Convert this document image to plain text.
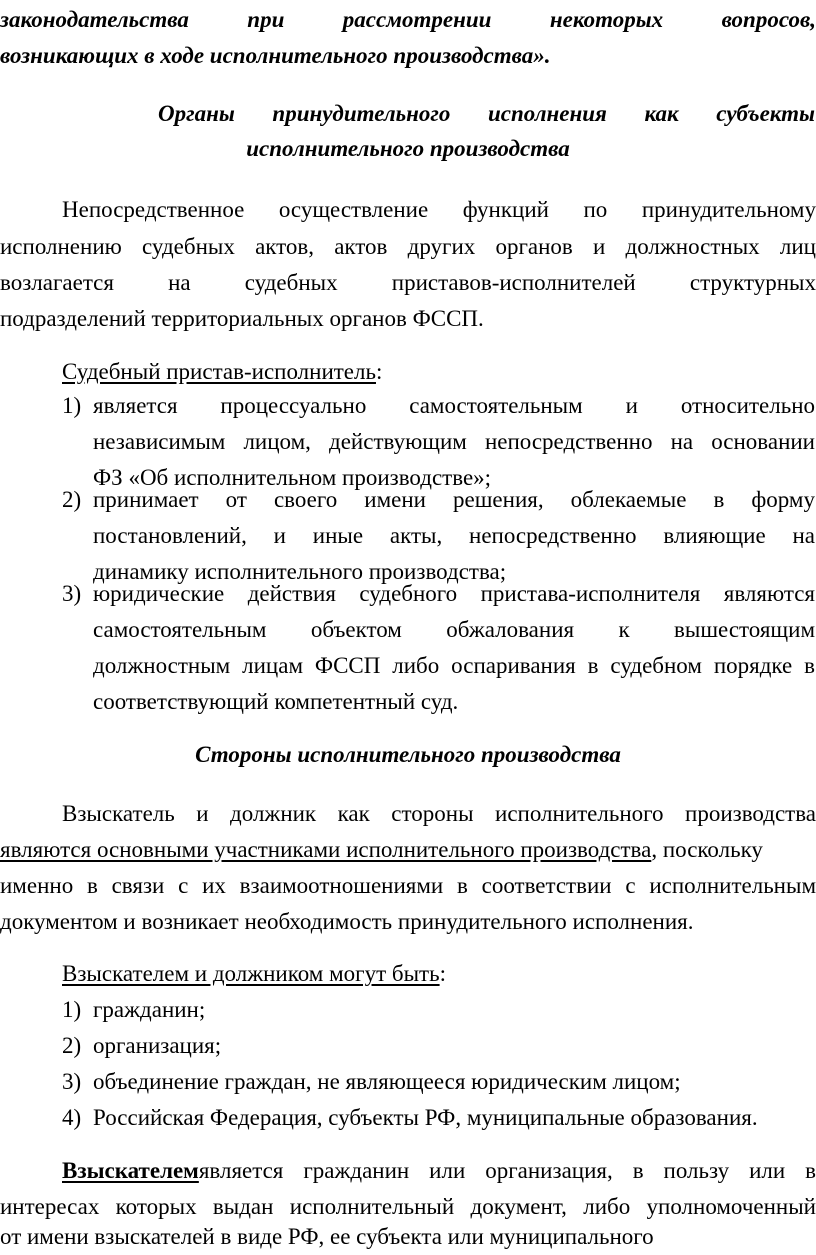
законодательства при рассмотрении некоторых вопросов,
возникающих в ходе исполнительного производства».
Органы принудительного исполнения как субъекты
исполнительного производства
Непосредственное осуществление функций по принудительному
исполнению судебных актов, актов других органов и должностных лиц
возлагается на судебных приставов-исполнителей структурных
подразделений территориальных органов ФССП.
Судебный пристав-исполнитель:
1) является процессуально самостоятельным и относительно
независимым лицом, действующим непосредственно на основании
ФЗ «Об исполнительном производстве»;
2) принимает от своего имени решения, облекаемые в форму
постановлений, и иные акты, непосредственно влияющие на
динамику исполнительного производства;
3) юридические действия судебного пристава-исполнителя являются
самостоятельным объектом обжалования к вышестоящим
должностным лицам ФССП либо оспаривания в судебном порядке в
соответствующий компетентный суд.
Стороны исполнительного производства
Взыскатель и должник как стороны исполнительного производства
являются основными участниками исполнительного производства, поскольку
именно в связи с их взаимоотношениями в соответствии с исполнительным
документом и возникает необходимость принудительного исполнения.
Взыскателем и должником могут быть:
1) гражданин;
2) организация;
3) объединение граждан, не являющееся юридическим лицом;
4) Российская Федерация, субъекты РФ, муниципальные образования.
Взыскателем является гражданин или организация, в пользу или в
интересах которых выдан исполнительный документ, либо уполномоченный
от имени взыскателей в виде РФ, ее субъекта или муниципального
